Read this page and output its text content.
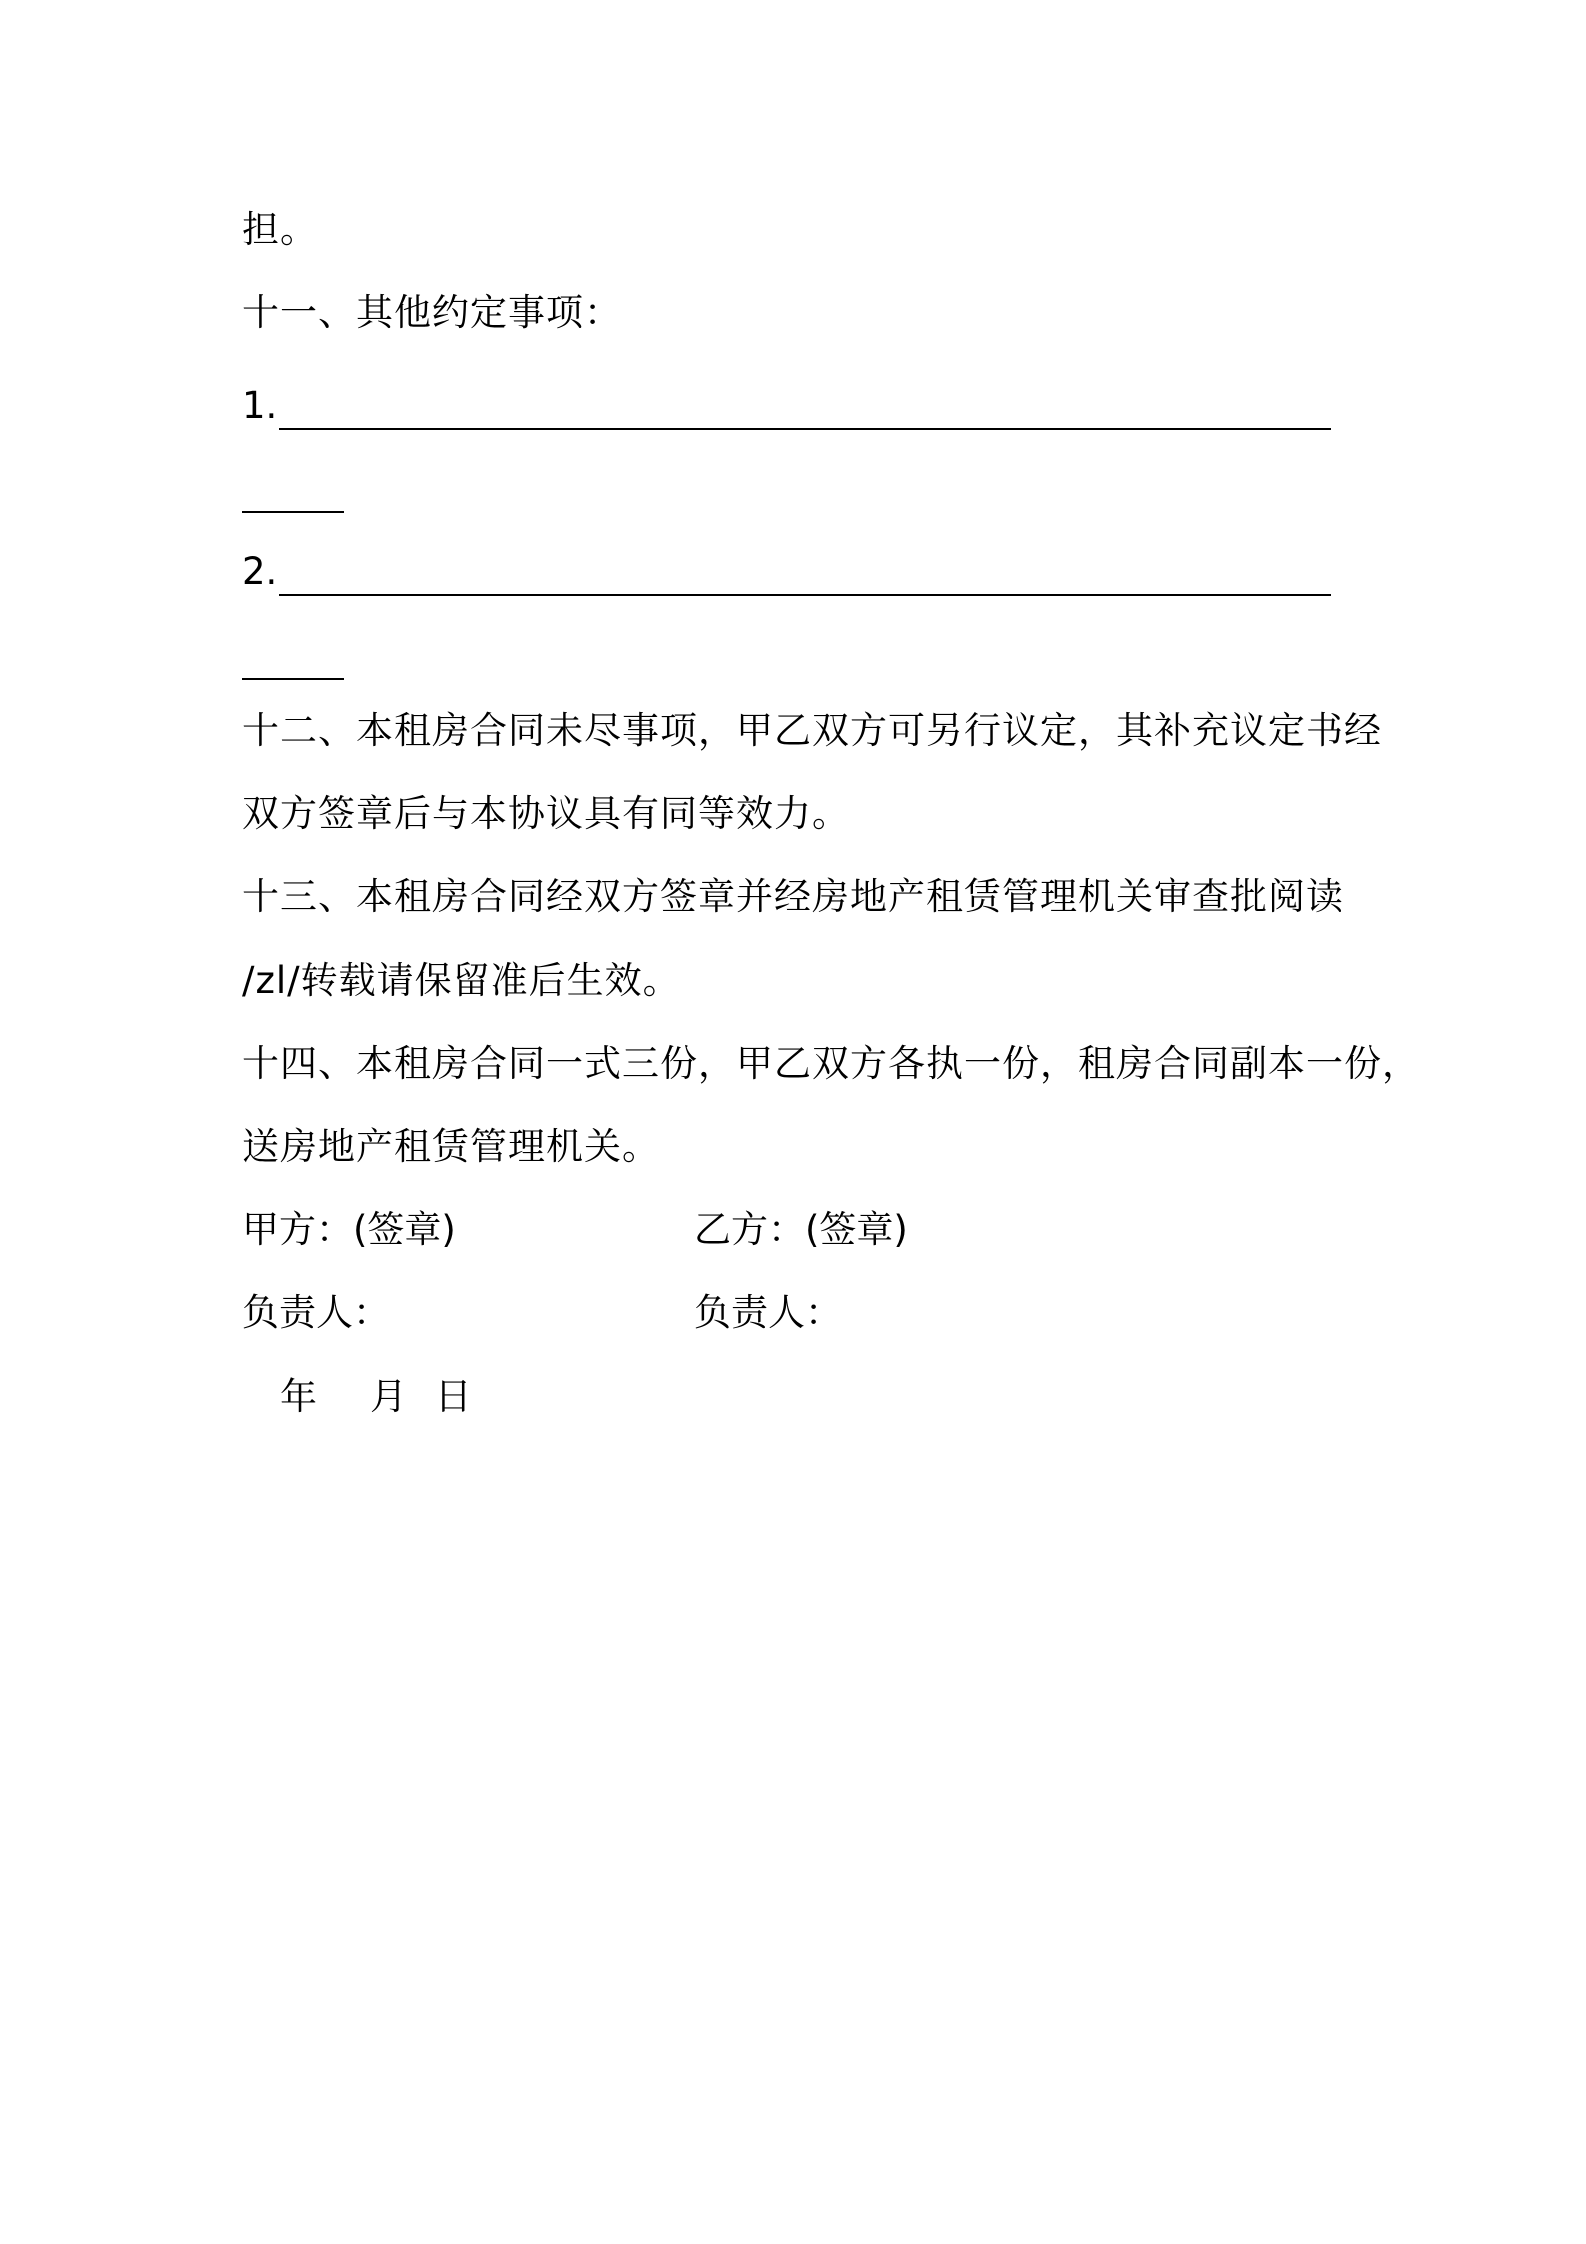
担。
十一、其他约定事项：
1.
2.
十二、本租房合同未尽事项，甲乙双方可另行议定，其补充议定书经
双方签章后与本协议具有同等效力。
十三、本租房合同经双方签章并经房地产租赁管理机关审查批阅读
/zl/转载请保留准后生效。
十四、本租房合同一式三份，甲乙双方各执一份，租房合同副本一份，
送房地产租赁管理机关。
甲方：(签章)	乙方：(签章)
负责人：	负责人：
年　月 日
